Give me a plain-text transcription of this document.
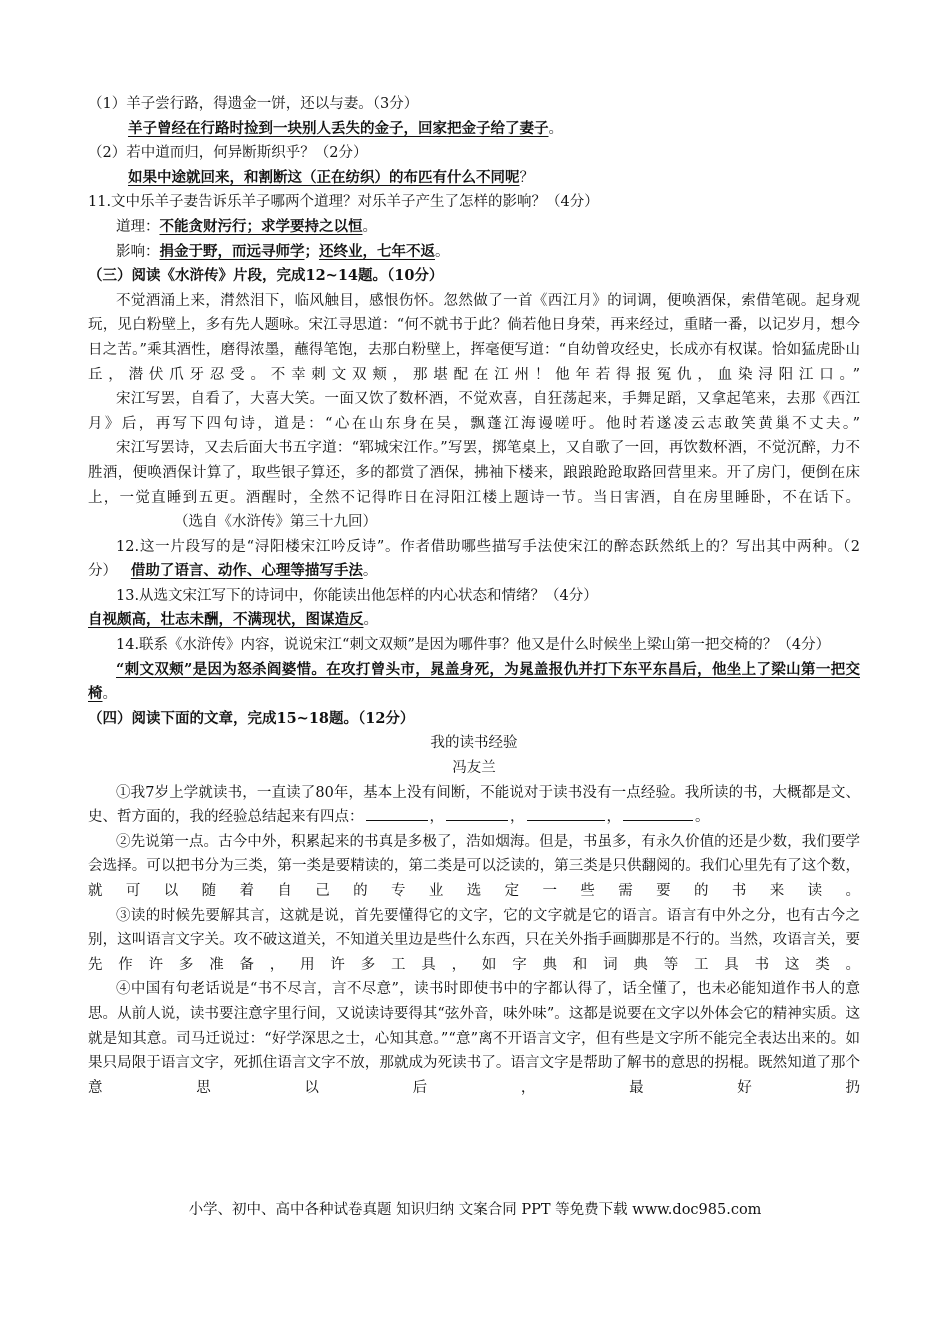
（1）羊子尝行路，得遗金一饼，还以与妻。（3分）

羊子曾经在行路时捡到一块别人丢失的金子，回家把金子给了妻子。

（2）若中道而归，何异断斯织乎？（2分）

如果中途就回来，和割断这（正在纺织）的布匹有什么不同呢？

11.文中乐羊子妻告诉乐羊子哪两个道理？对乐羊子产生了怎样的影响？（4分）

道理：不能贪财污行；求学要持之以恒。

影响：捐金于野，而远寻师学；还终业，七年不返。

（三）阅读《水浒传》片段，完成12~14题。（10分）

不觉酒涌上来，潸然泪下，临风触目，感恨伤怀。忽然做了一首《西江月》的词调，便唤酒保，索借笔砚。起身观玩，见白粉壁上，多有先人题咏。宋江寻思道：“何不就书于此？倘若他日身荣，再来经过，重睹一番，以记岁月，想今日之苦。”乘其酒性，磨得浓墨，蘸得笔饱，去那白粉壁上，挥毫便写道：“自幼曾攻经史，长成亦有权谋。恰如猛虎卧山丘，潜伏爪牙忍受。不幸刺文双颊，那堪配在江州！他年若得报冤仇，血染浔阳江口。”

宋江写罢，自看了，大喜大笑。一面又饮了数杯酒，不觉欢喜，自狂荡起来，手舞足蹈，又拿起笔来，去那《西江月》后，再写下四句诗，道是：“心在山东身在吴，飘蓬江海谩嗟吁。他时若遂凌云志敢笑黄巢不丈夫。”

宋江写罢诗，又去后面大书五字道：“郓城宋江作。”写罢，掷笔桌上，又自歌了一回，再饮数杯酒，不觉沉醉，力不胜酒，便唤酒保计算了，取些银子算还，多的都赏了酒保，拂袖下楼来，踉踉跄跄取路回营里来。开了房门，便倒在床上，一觉直睡到五更。酒醒时，全然不记得昨日在浔阳江楼上题诗一节。当日害酒，自在房里睡卧，不在话下。（选自《水浒传》第三十九回）

12.这一片段写的是“浔阳楼宋江吟反诗”。作者借助哪些描写手法使宋江的醉态跃然纸上的？写出其中两种。（2分） 借助了语言、动作、心理等描写手法。

13.从选文宋江写下的诗词中，你能读出他怎样的内心状态和情绪？（4分）

自视颇高，壮志未酬，不满现状，图谋造反。

14.联系《水浒传》内容，说说宋江“刺文双颊”是因为哪件事？他又是什么时候坐上梁山第一把交椅的？（4分）

“刺文双颊”是因为怒杀阎婆惜。在攻打曾头市，晁盖身死，为晁盖报仇并打下东平东昌后，他坐上了梁山第一把交椅。

（四）阅读下面的文章，完成15~18题。（12分）

我的读书经验

冯友兰

①我7岁上学就读书，一直读了80年，基本上没有间断，不能说对于读书没有一点经验。我所读的书，大概都是文、史、哲方面的，我的经验总结起来有四点：	，	，	，	。

②先说第一点。古今中外，积累起来的书真是多极了，浩如烟海。但是，书虽多，有永久价值的还是少数，我们要学会选择。可以把书分为三类，第一类是要精读的，第二类是可以泛读的，第三类是只供翻阅的。我们心里先有了这个数，就可以随着自己的专业选定一些需要的书来读。

③读的时候先要解其言，这就是说，首先要懂得它的文字，它的文字就是它的语言。语言有中外之分，也有古今之别，这叫语言文字关。攻不破这道关，不知道关里边是些什么东西，只在关外指手画脚那是不行的。当然，攻语言关，要先作许多准备，用许多工具，如字典和词典等工具书这类。

④中国有句老话说是“书不尽言，言不尽意”，读书时即使书中的字都认得了，话全懂了，也未必能知道作书人的意思。从前人说，读书要注意字里行间，又说读诗要得其“弦外音，味外味”。这都是说要在文字以外体会它的精神实质。这就是知其意。司马迁说过：“好学深思之士，心知其意。”“意”离不开语言文字，但有些是文字所不能完全表达出来的。如果只局限于语言文字，死抓住语言文字不放，那就成为死读书了。语言文字是帮助了解书的意思的拐棍。既然知道了那个意思以后，最好扔

小学、初中、高中各种试卷真题 知识归纳 文案合同 PPT 等免费下载 www.doc985.com
